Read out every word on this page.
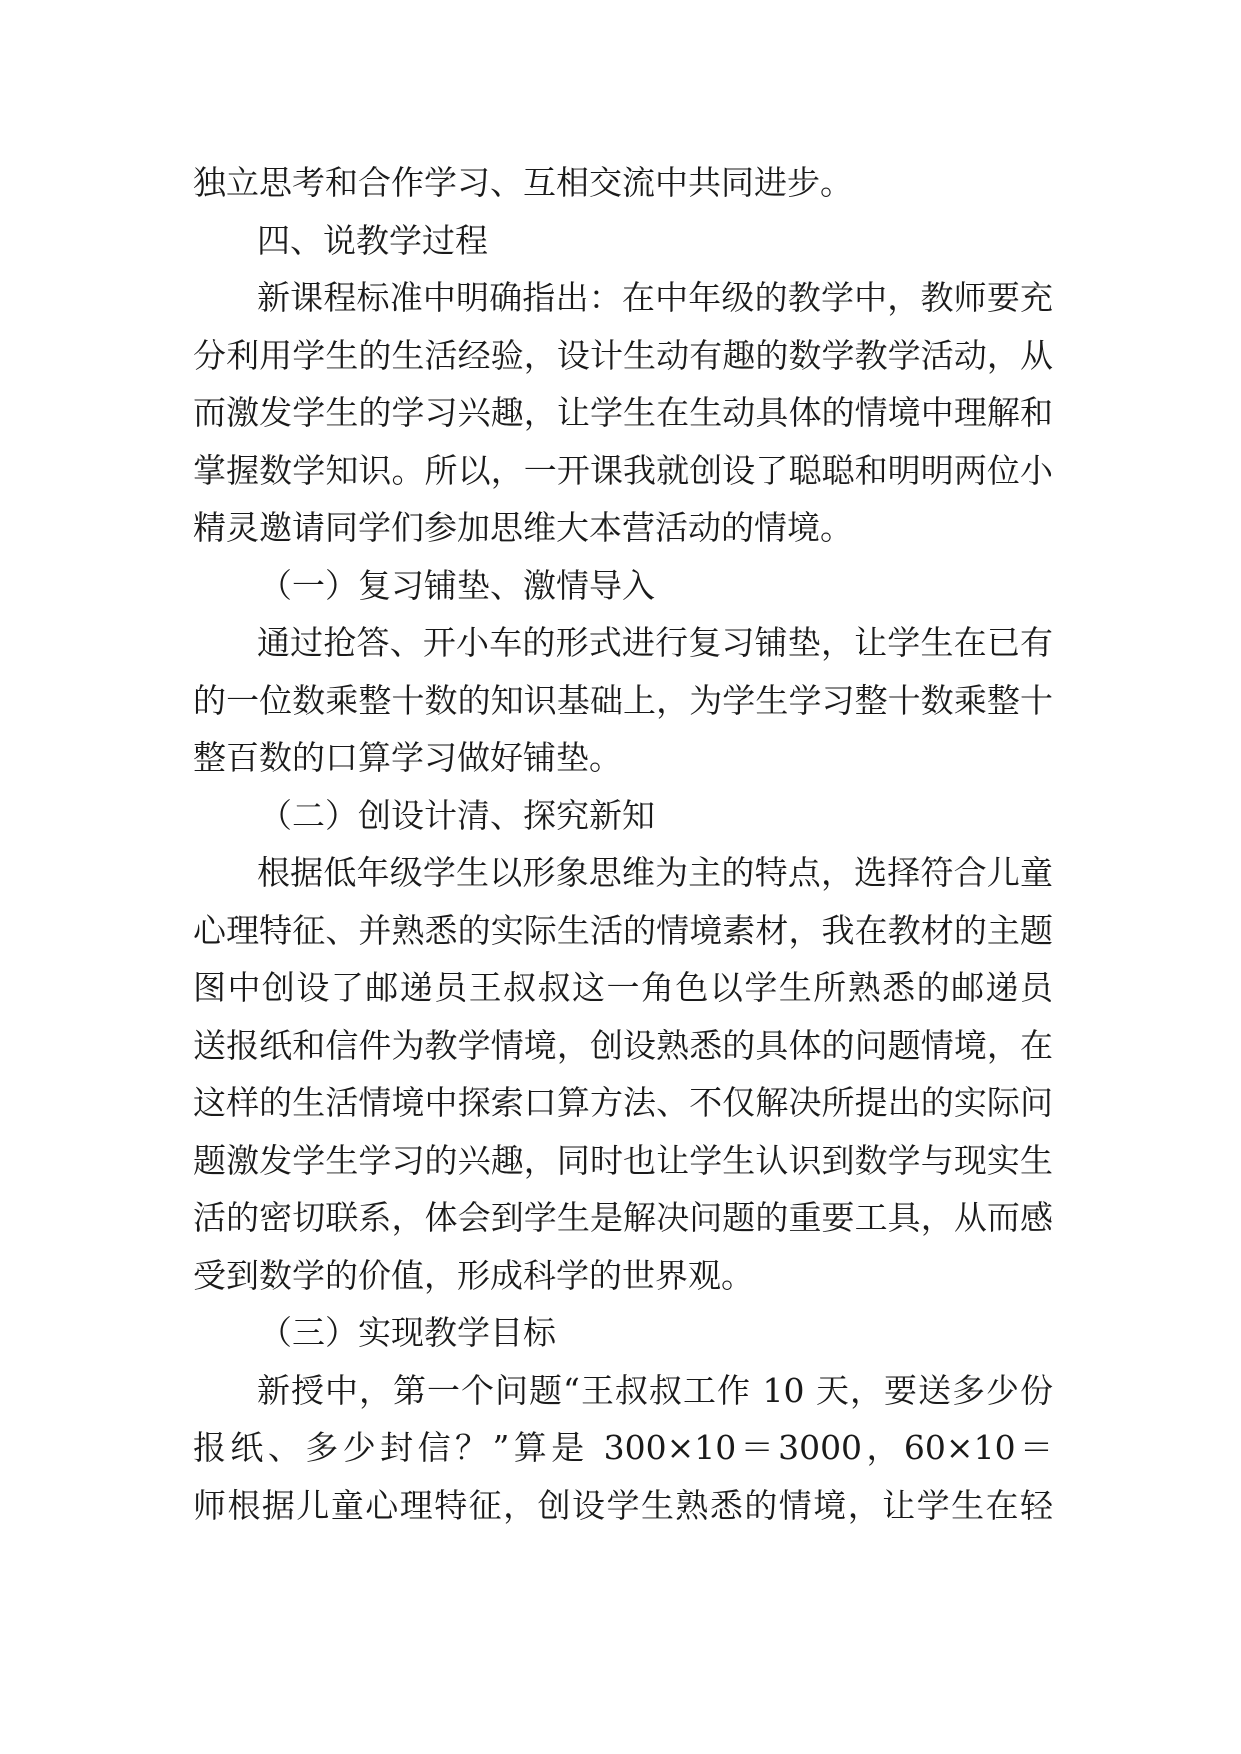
独立思考和合作学习、互相交流中共同进步。
四、说教学过程
新课程标准中明确指出：在中年级的教学中，教师要充
分利用学生的生活经验，设计生动有趣的数学教学活动，从
而激发学生的学习兴趣，让学生在生动具体的情境中理解和
掌握数学知识。所以，一开课我就创设了聪聪和明明两位小
精灵邀请同学们参加思维大本营活动的情境。
（一）复习铺垫、激情导入
通过抢答、开小车的形式进行复习铺垫，让学生在已有
的一位数乘整十数的知识基础上，为学生学习整十数乘整十
整百数的口算学习做好铺垫。
（二）创设计清、探究新知
根据低年级学生以形象思维为主的特点，选择符合儿童
心理特征、并熟悉的实际生活的情境素材，我在教材的主题
图中创设了邮递员王叔叔这一角色以学生所熟悉的邮递员
送报纸和信件为教学情境，创设熟悉的具体的问题情境，在
这样的生活情境中探索口算方法、不仅解决所提出的实际问
题激发学生学习的兴趣，同时也让学生认识到数学与现实生
活的密切联系，体会到学生是解决问题的重要工具，从而感
受到数学的价值，形成科学的世界观。
（三）实现教学目标
新授中，第一个问题“王叔叔工作 10 天，要送多少份
报纸、多少封信？”算是 300×10＝3000，60×10＝
师根据儿童心理特征，创设学生熟悉的情境，让学生在轻
